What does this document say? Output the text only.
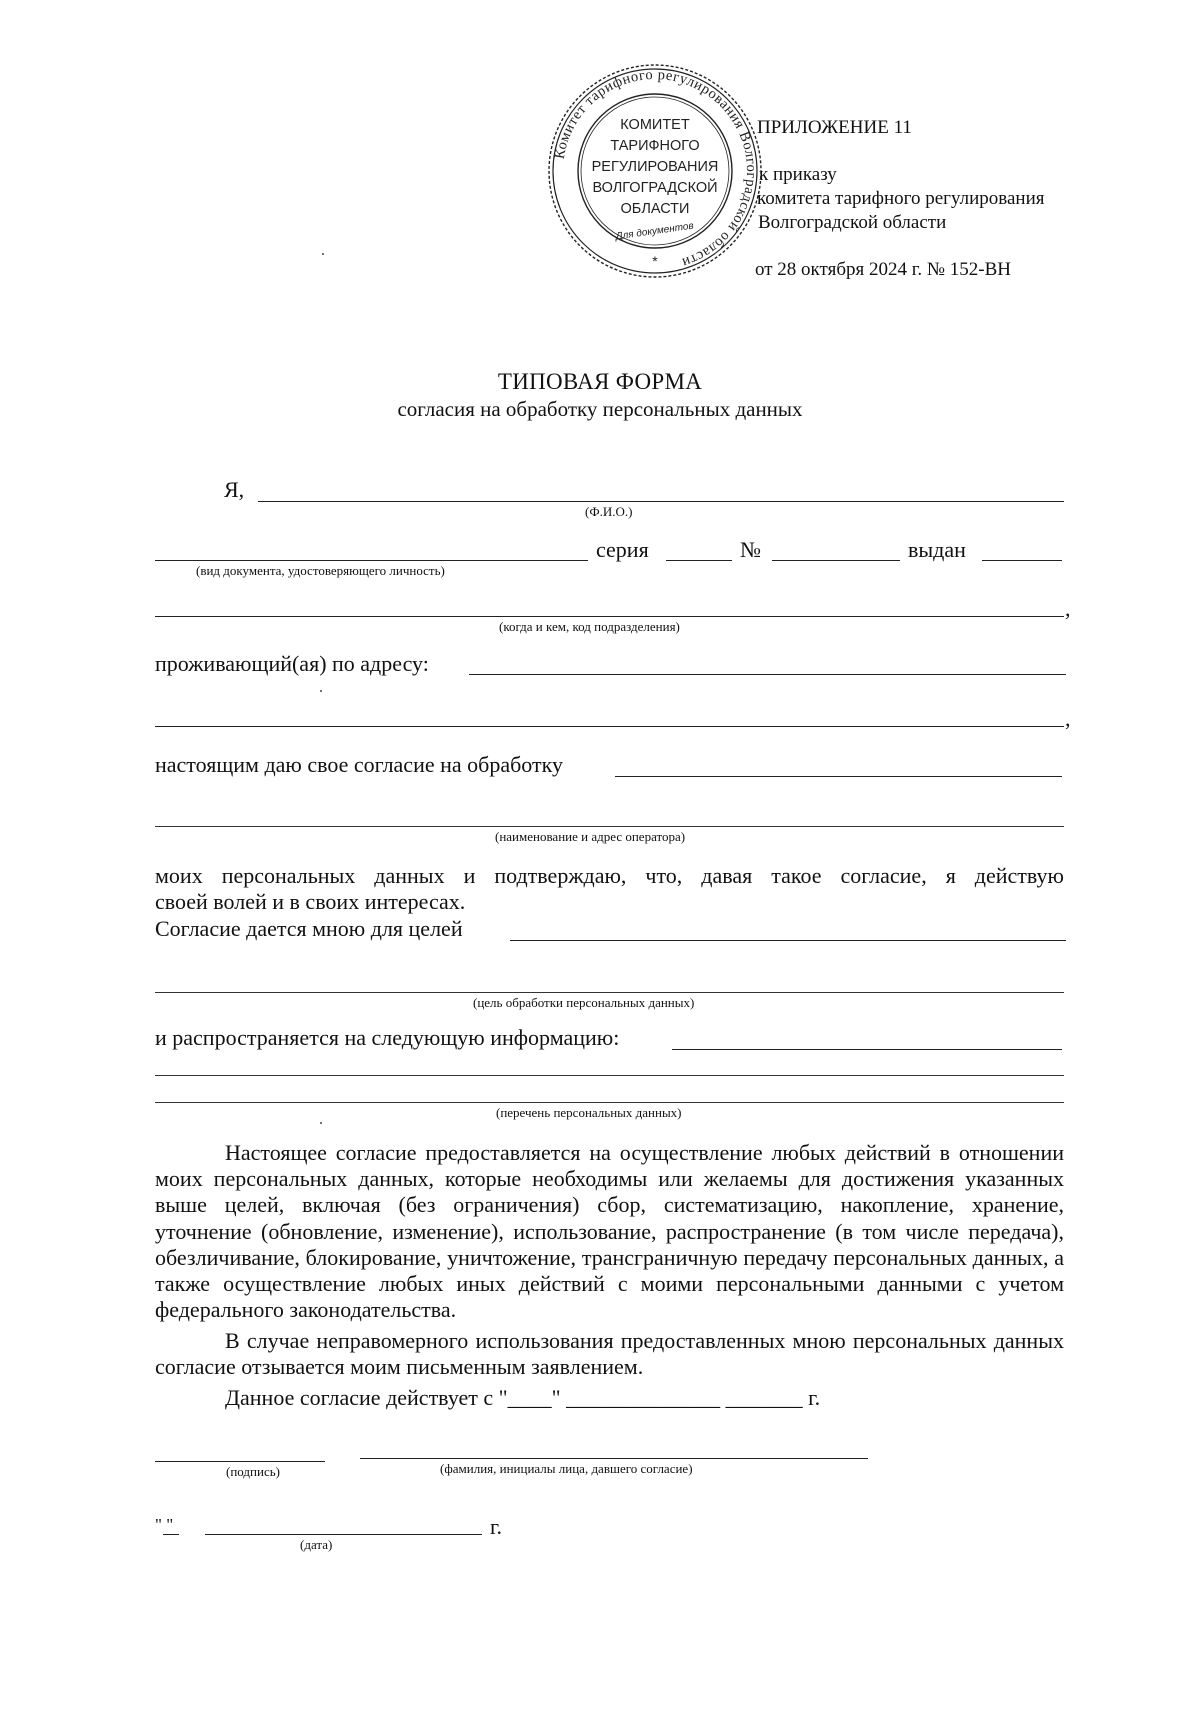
Комитет тарифного регулирования Волгоградской области
КОМИТЕТ
ТАРИФНОГО
РЕГУЛИРОВАНИЯ
ВОЛГОГРАДСКОЙ
ОБЛАСТИ
Для документов
*
ПРИЛОЖЕНИЕ 11
к приказу
комитета тарифного регулирования
Волгоградской области
от 28 октября 2024 г. № 152-ВН
ТИПОВАЯ ФОРМА
согласия на обработку персональных данных
Я,
(Ф.И.О.)
серия	№	выдан
(вид документа, удостоверяющего личность)
,
(когда и кем, код подразделения)
проживающий(ая) по адресу:
,
настоящим даю свое согласие на обработку
(наименование и адрес оператора)
моих персональных данных и подтверждаю, что, давая такое согласие, я действую
своей волей и в своих интересах.
Согласие дается мною для целей
(цель обработки персональных данных)
и распространяется на следующую информацию:
(перечень персональных данных)
Настоящее согласие предоставляется на осуществление любых действий в отношении моих персональных данных, которые необходимы или желаемы для достижения указанных выше целей, включая (без ограничения) сбор, систематизацию, накопление, хранение, уточнение (обновление, изменение), использование, распространение (в том числе передача), обезличивание, блокирование, уничтожение, трансграничную передачу персональных данных, а также осуществление любых иных действий с моими персональными данными с учетом федерального законодательства.
В случае неправомерного использования предоставленных мною персональных данных согласие отзывается моим письменным заявлением.
Данное согласие действует с "____" ______________ _______ г.
(подпись)	(фамилия, инициалы лица, давшего согласие)
" "	г.
(дата)
